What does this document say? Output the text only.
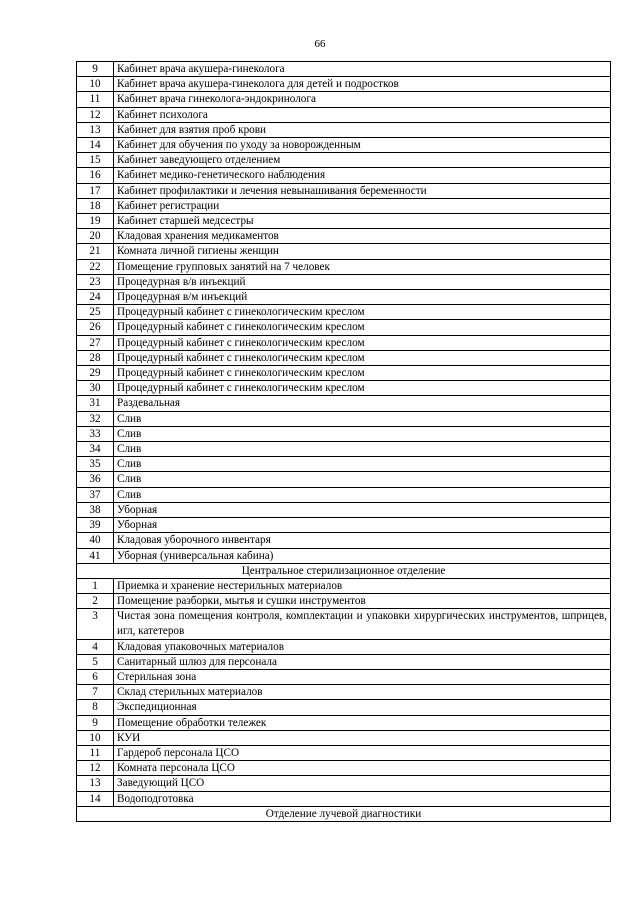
66
9	Кабинет врача акушера-гинеколога
10	Кабинет врача акушера-гинеколога для детей и подростков
11	Кабинет врача гинеколога-эндокринолога
12	Кабинет психолога
13	Кабинет для взятия проб крови
14	Кабинет для обучения по уходу за новорожденным
15	Кабинет заведующего отделением
16	Кабинет медико-генетического наблюдения
17	Кабинет профилактики и лечения невынашивания беременности
18	Кабинет регистрации
19	Кабинет старшей медсестры
20	Кладовая хранения медикаментов
21	Комната личной гигиены женщин
22	Помещение групповых занятий на 7 человек
23	Процедурная в/в инъекций
24	Процедурная в/м инъекций
25	Процедурный кабинет с гинекологическим креслом
26	Процедурный кабинет с гинекологическим креслом
27	Процедурный кабинет с гинекологическим креслом
28	Процедурный кабинет с гинекологическим креслом
29	Процедурный кабинет с гинекологическим креслом
30	Процедурный кабинет с гинекологическим креслом
31	Раздевальная
32	Слив
33	Слив
34	Слив
35	Слив
36	Слив
37	Слив
38	Уборная
39	Уборная
40	Кладовая уборочного инвентаря
41	Уборная (универсальная кабина)
Центральное стерилизационное отделение	
1	Приемка и хранение нестерильных материалов
2	Помещение разборки, мытья и сушки инструментов
3	Чистая зона помещения контроля, комплектации и упаковки хирургических инструментов, шприцев, игл, катетеров
4	Кладовая упаковочных материалов
5	Санитарный шлюз для персонала
6	Стерильная зона
7	Склад стерильных материалов
8	Экспедиционная
9	Помещение обработки тележек
10	КУИ
11	Гардероб персонала ЦСО
12	Комната персонала ЦСО
13	Заведующий ЦСО
14	Водоподготовка
Отделение лучевой диагностики	
